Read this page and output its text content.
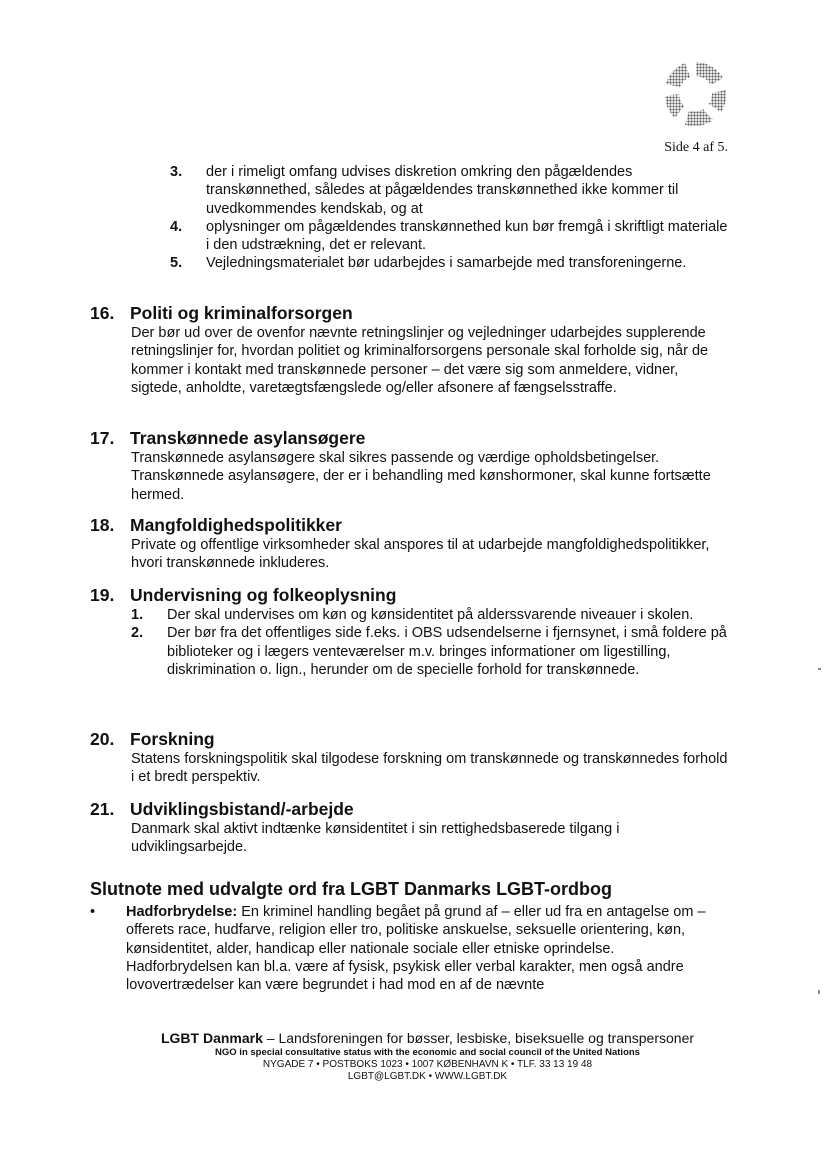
Side 4 af 5.
3.	der i rimeligt omfang udvises diskretion omkring den pågældendes transkønnethed, således at pågældendes transkønnethed ikke kommer til uvedkommendes kendskab, og at
4.	oplysninger om pågældendes transkønnethed kun bør fremgå i skriftligt materiale i den udstrækning, det er relevant.
5.	Vejledningsmaterialet bør udarbejdes i samarbejde med transforeningerne.
16. Politi og kriminalforsorgen
Der bør ud over de ovenfor nævnte retningslinjer og vejledninger udarbejdes supplerende retningslinjer for, hvordan politiet og kriminalforsorgens personale skal forholde sig, når de kommer i kontakt med transkønnede personer – det være sig som anmeldere, vidner, sigtede, anholdte, varetægtsfængslede og/eller afsonere af fængselsstraffe.
17. Transkønnede asylansøgere
Transkønnede asylansøgere skal sikres passende og værdige opholdsbetingelser. Transkønnede asylansøgere, der er i behandling med kønshormoner, skal kunne fortsætte hermed.
18. Mangfoldighedspolitikker
Private og offentlige virksomheder skal anspores til at udarbejde mangfoldighedspolitikker, hvori transkønnede inkluderes.
19. Undervisning og folkeoplysning
1.	Der skal undervises om køn og kønsidentitet på alderssvarende niveauer i skolen.
2.	Der bør fra det offentliges side f.eks. i OBS udsendelserne i fjernsynet, i små foldere på biblioteker og i lægers venteværelser m.v. bringes informationer om ligestilling, diskrimination o. lign., herunder om de specielle forhold for transkønnede.
20. Forskning
Statens forskningspolitik skal tilgodese forskning om transkønnede og transkønnedes forhold i et bredt perspektiv.
21. Udviklingsbistand/-arbejde
Danmark skal aktivt indtænke kønsidentitet i sin rettighedsbaserede tilgang i udviklingsarbejde.
Slutnote med udvalgte ord fra LGBT Danmarks LGBT-ordbog
•	Hadforbrydelse: En kriminel handling begået på grund af – eller ud fra en antagelse om – offerets race, hudfarve, religion eller tro, politiske anskuelse, seksuelle orientering, køn, kønsidentitet, alder, handicap eller nationale sociale eller etniske oprindelse.
Hadforbrydelsen kan bl.a. være af fysisk, psykisk eller verbal karakter, men også andre lovovertrædelser kan være begrundet i had mod en af de nævnte
LGBT Danmark – Landsforeningen for bøsser, lesbiske, biseksuelle og transpersoner
NGO in special consultative status with the economic and social council of the United Nations
NYGADE 7 • POSTBOKS 1023 • 1007 KØBENHAVN K • TLF. 33 13 19 48
LGBT@LGBT.DK • WWW.LGBT.DK
